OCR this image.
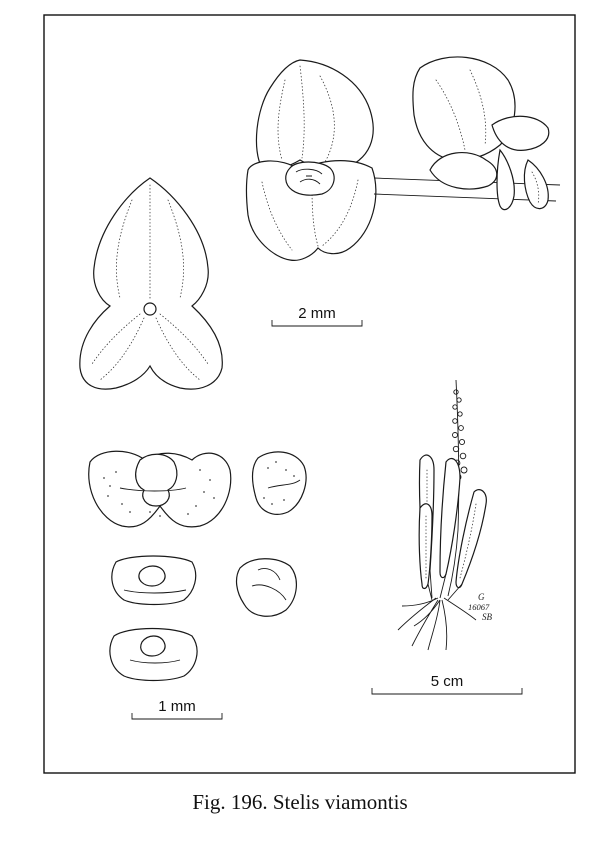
2 mm
1 mm
G
16067
SB
5 cm
Fig. 196. Stelis viamontis
